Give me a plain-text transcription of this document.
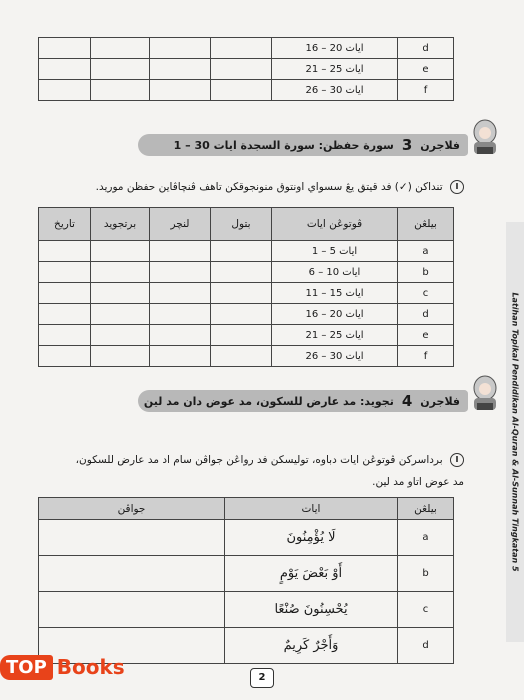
d	ايات 20 – 16				
e	ايات 25 – 21				
f	ايات 30 – 26				
Latihan Topikal Pendidikan Al-Quran & Al-Sunnah Tingkatan 5
فلاجرن
3
سورة حفظن: سورة السجدة ايات 30 – 1
I تنداكن (✓) فد قيتق يڠ سسواي اونتوق منونجوقكن تاهف ڤنچاڤاين حفظن موريد.
بيلڠن	ڤوتوڠن ايات	بتول	لنچر	برتجويد	تاريخ
a	ايات 5 – 1				
b	ايات 10 – 6				
c	ايات 15 – 11				
d	ايات 20 – 16				
e	ايات 25 – 21				
f	ايات 30 – 26				
فلاجرن
4
تجويد: مد عارض للسكون، مد عوض دان مد لين
I برداسركن ڤوتوڠن ايات دباوه، توليسكن فد رواڠن جواڤن سام اد مد عارض للسكون،
مد عوض اتاو مد لين.
بيلڠن	ايات	جواڤن
a	لَا يُؤْمِنُونَ	
b	أَوْ بَعْضَ يَوْمٍ	
c	يُحْسِنُونَ صُنْعًا	
d	وَأَجْرٌ كَرِيمٌ	
2
TOP Books
